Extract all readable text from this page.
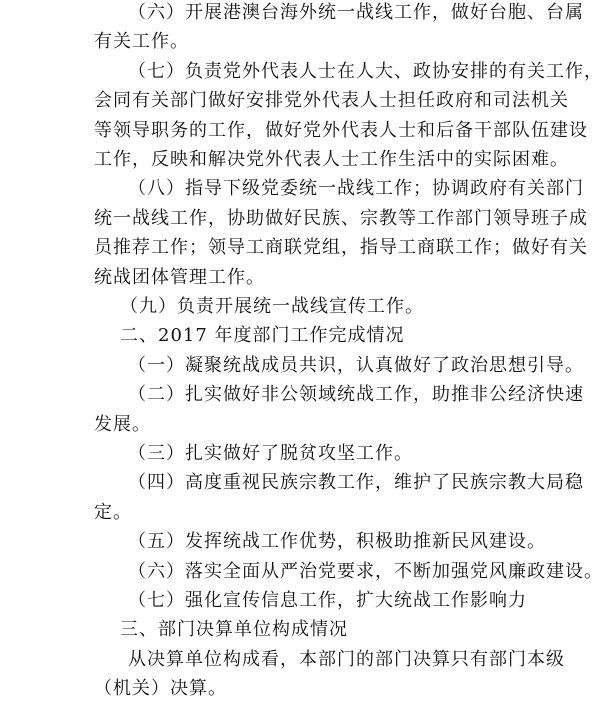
（六）开展港澳台海外统一战线工作，做好台胞、台属
有关工作。
（七）负责党外代表人士在人大、政协安排的有关工作，
会同有关部门做好安排党外代表人士担任政府和司法机关
等领导职务的工作，做好党外代表人士和后备干部队伍建设
工作，反映和解决党外代表人士工作生活中的实际困难。
（八）指导下级党委统一战线工作；协调政府有关部门
统一战线工作，协助做好民族、宗教等工作部门领导班子成
员推荐工作；领导工商联党组，指导工商联工作；做好有关
统战团体管理工作。
（九）负责开展统一战线宣传工作。
二、2017 年度部门工作完成情况
（一）凝聚统战成员共识，认真做好了政治思想引导。
（二）扎实做好非公领域统战工作，助推非公经济快速
发展。
（三）扎实做好了脱贫攻坚工作。
（四）高度重视民族宗教工作，维护了民族宗教大局稳
定。
（五）发挥统战工作优势，积极助推新民风建设。
（六）落实全面从严治党要求，不断加强党风廉政建设。
（七）强化宣传信息工作，扩大统战工作影响力
三、部门决算单位构成情况
从决算单位构成看，本部门的部门决算只有部门本级
（机关）决算。
